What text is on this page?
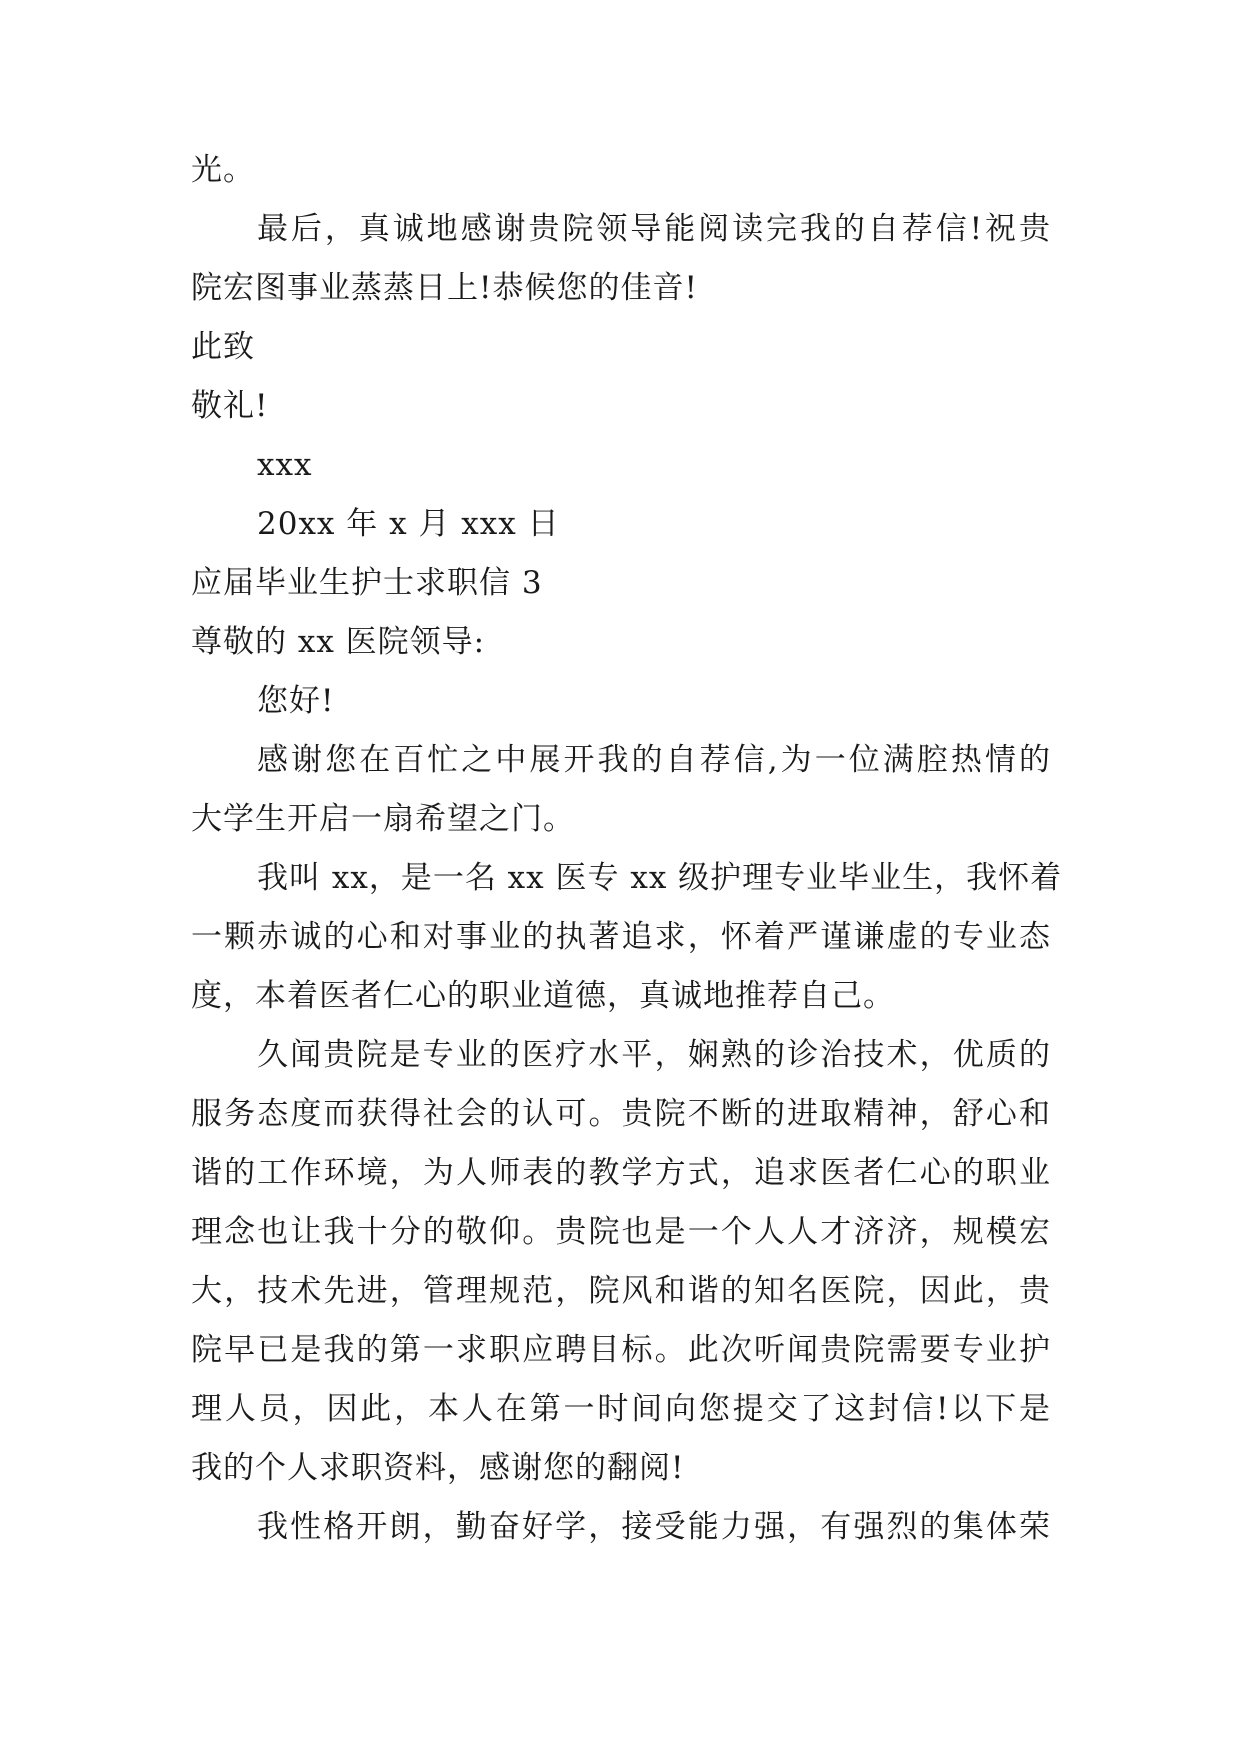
光。
最后，真诚地感谢贵院领导能阅读完我的自荐信!祝贵
院宏图事业蒸蒸日上!恭候您的佳音!
此致
敬礼!
xxx
20xx 年 x 月 xxx 日
应届毕业生护士求职信 3
尊敬的 xx 医院领导:
您好!
感谢您在百忙之中展开我的自荐信,为一位满腔热情的
大学生开启一扇希望之门。
我叫 xx，是一名 xx 医专 xx 级护理专业毕业生，我怀着
一颗赤诚的心和对事业的执著追求，怀着严谨谦虚的专业态
度，本着医者仁心的职业道德，真诚地推荐自己。
久闻贵院是专业的医疗水平，娴熟的诊治技术，优质的
服务态度而获得社会的认可。贵院不断的进取精神，舒心和
谐的工作环境，为人师表的教学方式，追求医者仁心的职业
理念也让我十分的敬仰。贵院也是一个人人才济济，规模宏
大，技术先进，管理规范，院风和谐的知名医院，因此，贵
院早已是我的第一求职应聘目标。此次听闻贵院需要专业护
理人员，因此，本人在第一时间向您提交了这封信!以下是
我的个人求职资料，感谢您的翻阅!
我性格开朗，勤奋好学，接受能力强，有强烈的集体荣
